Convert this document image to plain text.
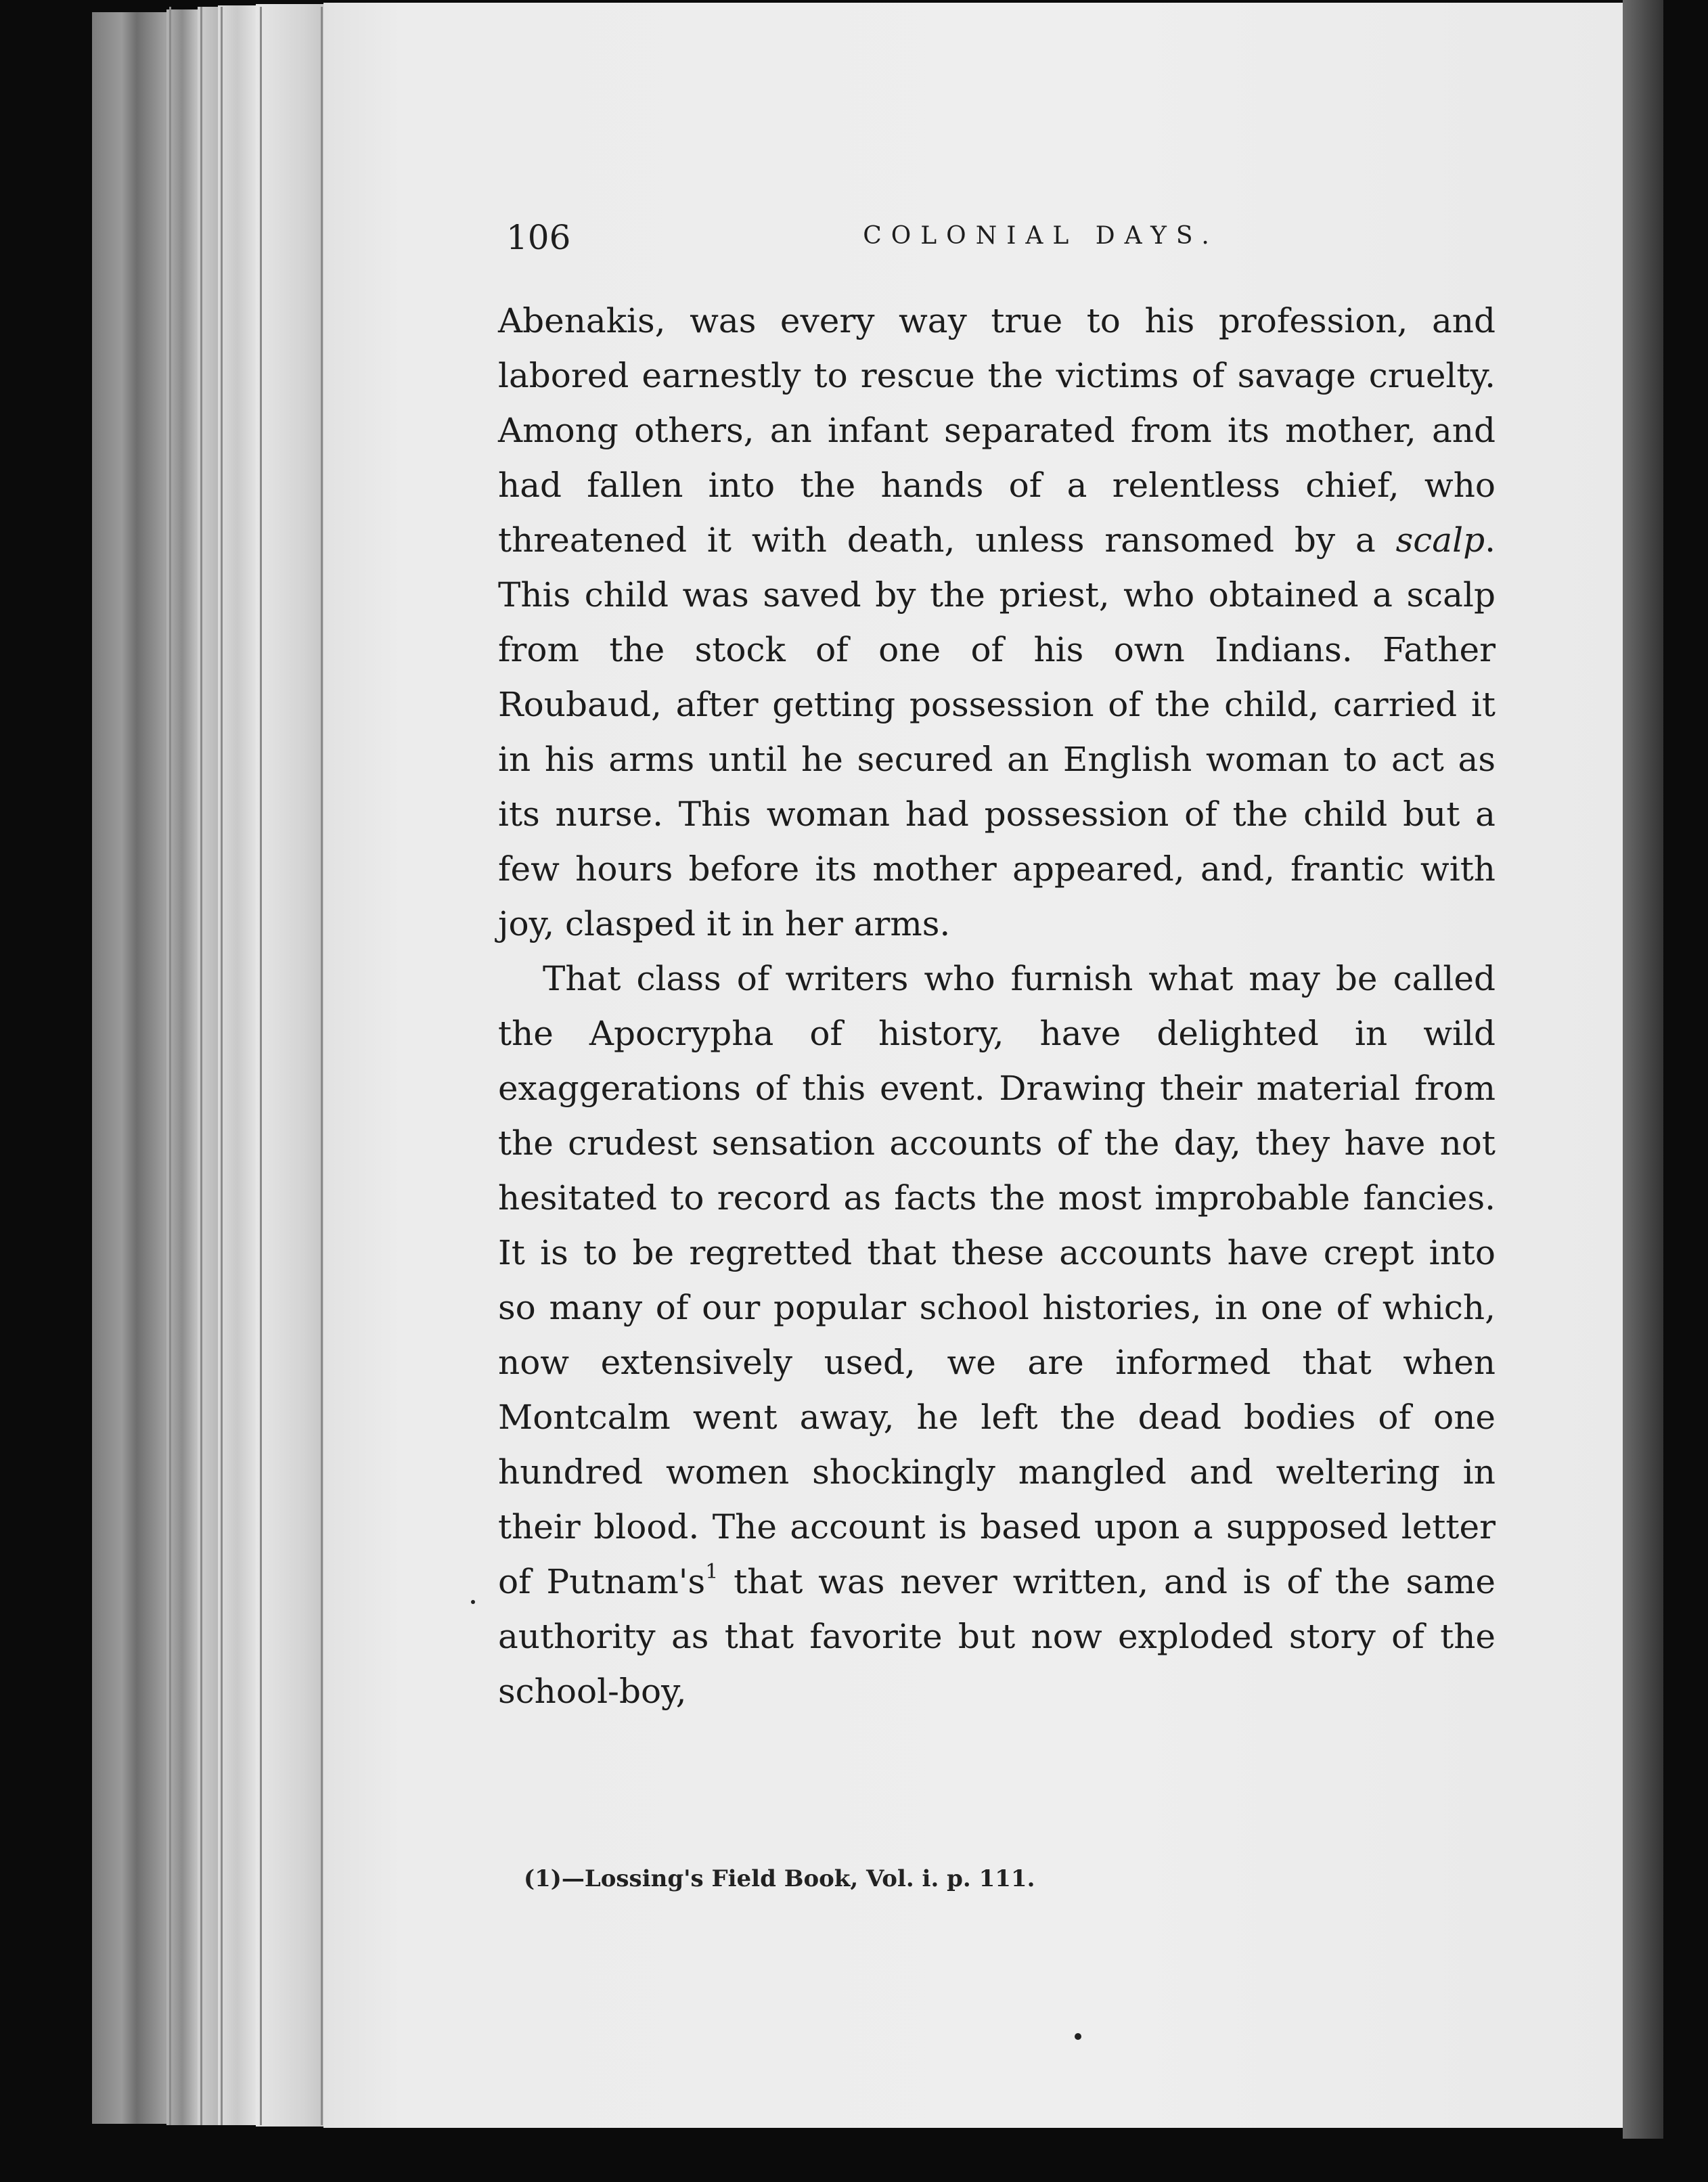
106	COLONIAL DAYS.

Abenakis, was every way true to his profession, and labored earnestly to rescue the victims of savage cruelty. Among others, an infant separated from its mother, and had fallen into the hands of a relentless chief, who threatened it with death, unless ransomed by a scalp. This child was saved by the priest, who obtained a scalp from the stock of one of his own Indians. Father Roubaud, after getting possession of the child, carried it in his arms until he secured an English woman to act as its nurse. This woman had possession of the child but a few hours before its mother appeared, and, frantic with joy, clasped it in her arms.

That class of writers who furnish what may be called the Apocrypha of history, have delighted in wild exaggerations of this event. Drawing their material from the crudest sensation accounts of the day, they have not hesitated to record as facts the most improbable fancies. It is to be regretted that these accounts have crept into so many of our popular school histories, in one of which, now extensively used, we are informed that when Montcalm went away, he left the dead bodies of one hundred women shockingly mangled and weltering in their blood. The account is based upon a supposed letter of $Putnam's^1$ that was never written, and is of the same authority as that favorite but now exploded story of the school-boy,

(1)—Lossing's Field Book, Vol. i. p. 111.
